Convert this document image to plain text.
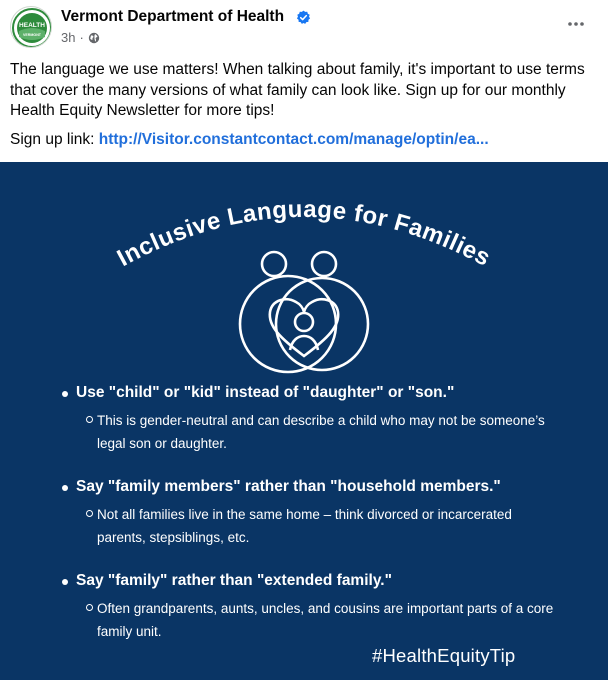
HEALTH
VERMONT
Vermont Department of Health
3h ·
The language we use matters! When talking about family, it's important to use terms that cover the many versions of what family can look like. Sign up for our monthly Health Equity Newsletter for more tips!
Sign up link: http://Visitor.constantcontact.com/manage/optin/ea...
Inclusive Language for Families
Use "child" or "kid" instead of "daughter" or "son."
This is gender-neutral and can describe a child who may not be someone’s legal son or daughter.
Say "family members" rather than "household members."
Not all families live in the same home – think divorced or incarcerated parents, stepsiblings, etc.
Say "family" rather than "extended family."
Often grandparents, aunts, uncles, and cousins are important parts of a core family unit.
#HealthEquityTip
